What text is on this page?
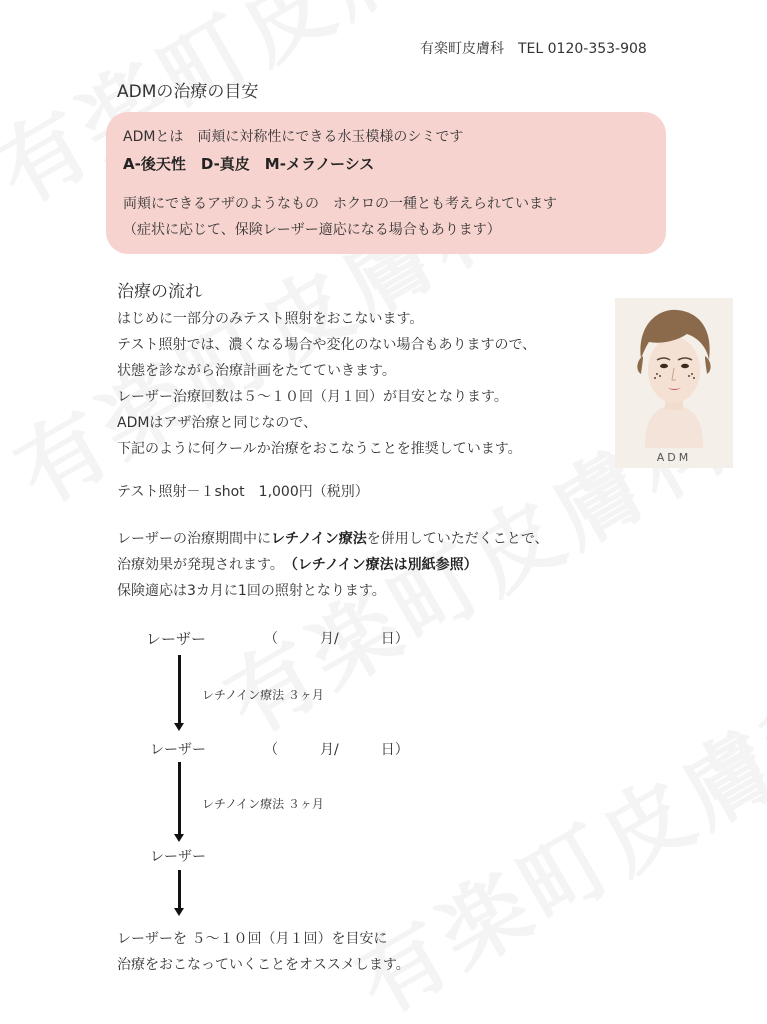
有楽町皮膚科　TEL 0120-353-908
ADMの治療の目安
ADMとは　両頬に対称性にできる水玉模様のシミです
A-後天性　D-真皮　M-メラノーシス
両頬にできるアザのようなもの　ホクロの一種とも考えられています
（症状に応じて、保険レーザー適応になる場合もあります）
治療の流れ
はじめに一部分のみテスト照射をおこないます。
テスト照射では、濃くなる場合や変化のない場合もありますので、
状態を診ながら治療計画をたてていきます。
レーザー治療回数は５～１０回（月１回）が目安となります。
ADMはアザ治療と同じなので、
下記のように何クールか治療をおこなうことを推奨しています。
ADM
テスト照射－１shot　1,000円（税別）
レーザーの治療期間中にレチノイン療法を併用していただくことで、
治療効果が発現されます。　（レチノイン療法は別紙参照）
保険適応は3カ月に1回の照射となります。
レーザー	（　　　月/　　　日）
レチノイン療法 ３ヶ月
レーザー	（　　　月/　　　日）
レチノイン療法 ３ヶ月
レーザー
レーザーを ５～１０回（月１回）を目安に
治療をおこなっていくことをオススメします。
